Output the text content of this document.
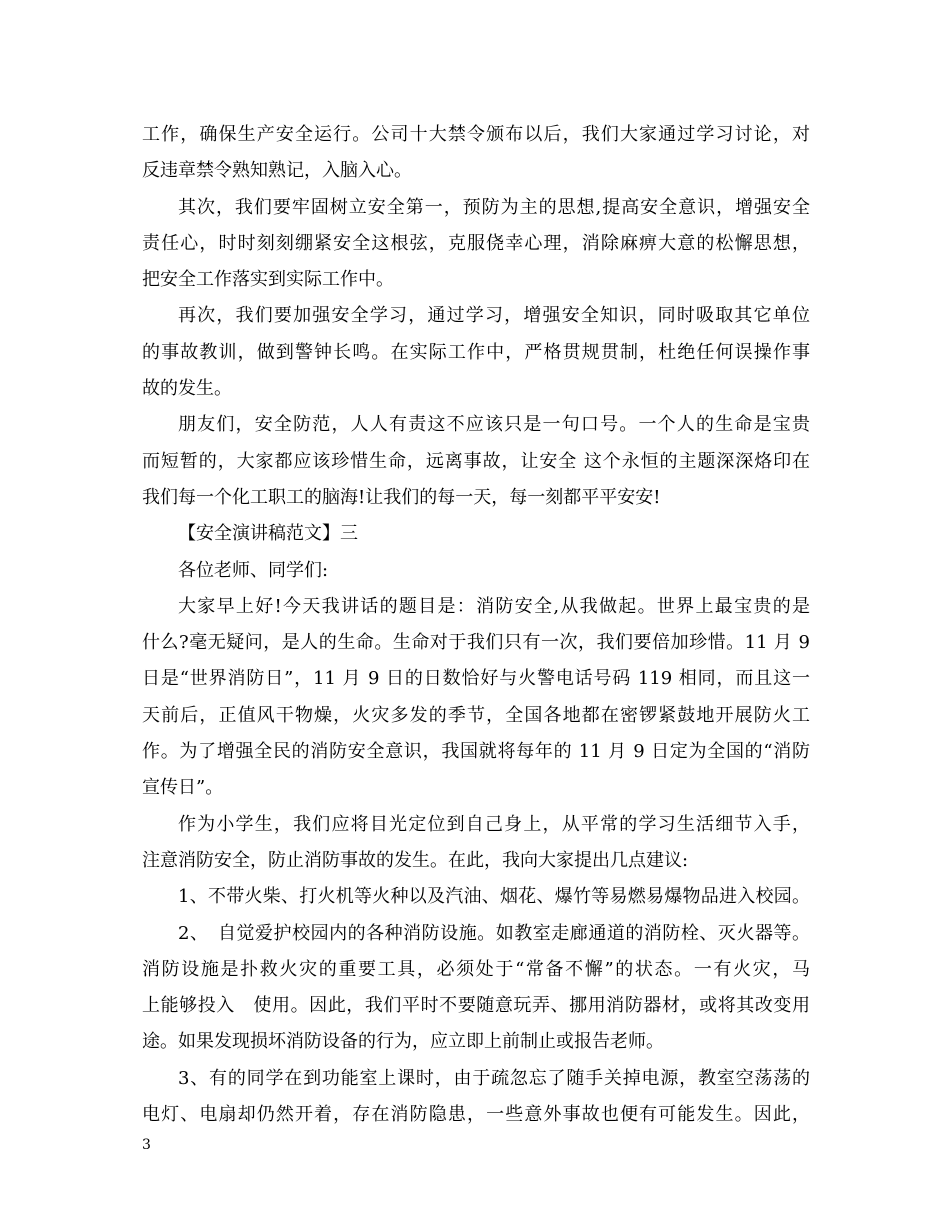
工作，确保生产安全运行。公司十大禁令颁布以后，我们大家通过学习讨论，对
反违章禁令熟知熟记，入脑入心。
其次，我们要牢固树立安全第一，预防为主的思想,提高安全意识，增强安全
责任心，时时刻刻绷紧安全这根弦，克服侥幸心理，消除麻痹大意的松懈思想，
把安全工作落实到实际工作中。
再次，我们要加强安全学习，通过学习，增强安全知识，同时吸取其它单位
的事故教训，做到警钟长鸣。在实际工作中，严格贯规贯制，杜绝任何误操作事
故的发生。
朋友们，安全防范，人人有责这不应该只是一句口号。一个人的生命是宝贵
而短暂的，大家都应该珍惜生命，远离事故，让安全 这个永恒的主题深深烙印在
我们每一个化工职工的脑海!让我们的每一天，每一刻都平平安安!
【安全演讲稿范文】三
各位老师、同学们:
大家早上好!今天我讲话的题目是：消防安全,从我做起。世界上最宝贵的是
什么?毫无疑问，是人的生命。生命对于我们只有一次，我们要倍加珍惜。11 月 9
日是“世界消防日”，11 月 9 日的日数恰好与火警电话号码 119 相同，而且这一
天前后，正值风干物燥，火灾多发的季节，全国各地都在密锣紧鼓地开展防火工
作。为了增强全民的消防安全意识，我国就将每年的 11 月 9 日定为全国的“消防
宣传日”。
作为小学生，我们应将目光定位到自己身上，从平常的学习生活细节入手，
注意消防安全，防止消防事故的发生。在此，我向大家提出几点建议:
1、不带火柴、打火机等火种以及汽油、烟花、爆竹等易燃易爆物品进入校园。
2、　自觉爱护校园内的各种消防设施。如教室走廊通道的消防栓、灭火器等。
消防设施是扑救火灾的重要工具，必须处于“常备不懈”的状态。一有火灾，马
上能够投入　使用。因此，我们平时不要随意玩弄、挪用消防器材，或将其改变用
途。如果发现损坏消防设备的行为，应立即上前制止或报告老师。
3、有的同学在到功能室上课时，由于疏忽忘了随手关掉电源，教室空荡荡的
电灯、电扇却仍然开着，存在消防隐患，一些意外事故也便有可能发生。因此，
3
